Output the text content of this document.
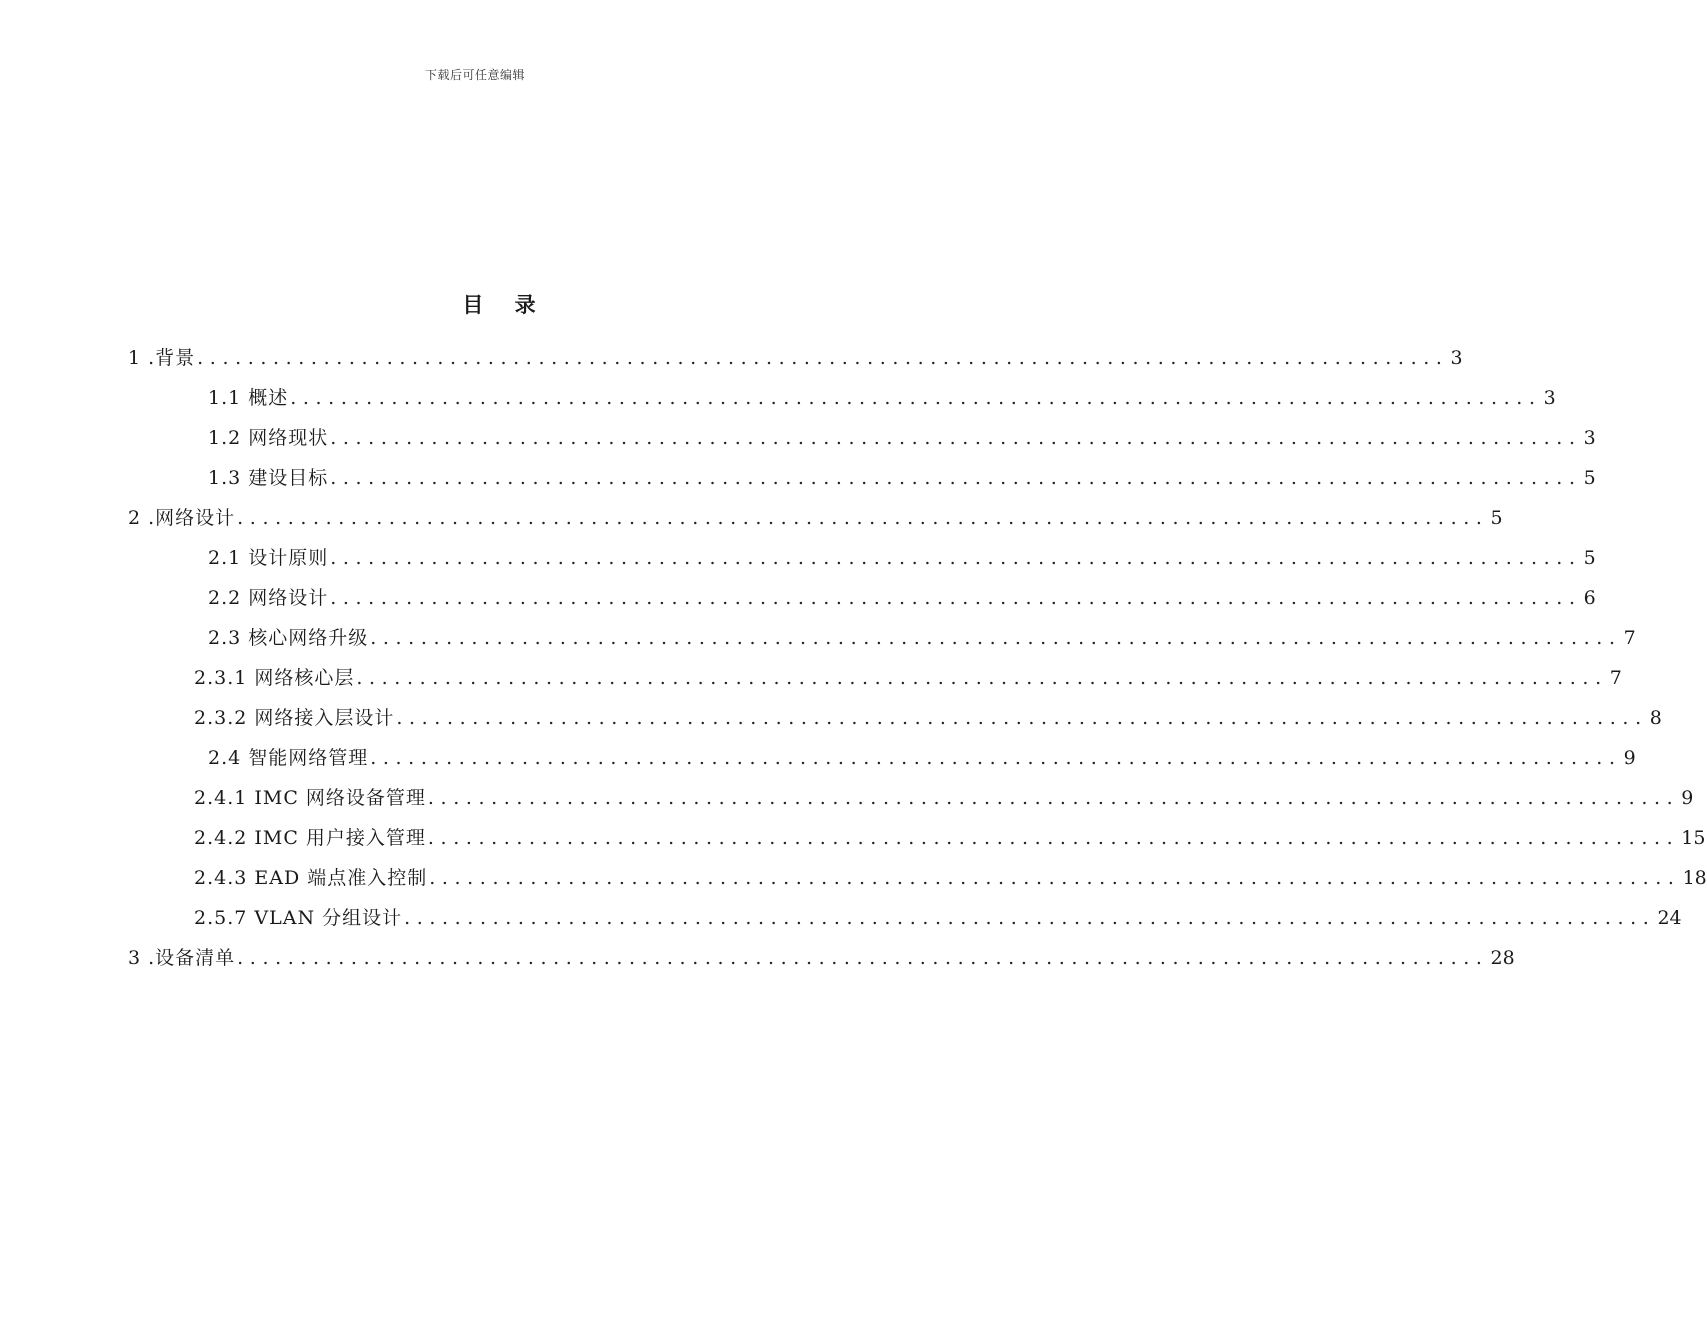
下载后可任意编辑
目 录
1 .背景 ................................................................................................... 3
1.1 概述 ................................................................................................... 3
1.2 网络现状 ................................................................................................... 3
1.3 建设目标 ................................................................................................... 5
2 .网络设计 ................................................................................................... 5
2.1 设计原则 ................................................................................................... 5
2.2 网络设计 ................................................................................................... 6
2.3 核心网络升级 ................................................................................................... 7
2.3.1 网络核心层 ................................................................................................... 7
2.3.2 网络接入层设计 ................................................................................................... 8
2.4 智能网络管理 ................................................................................................... 9
2.4.1 IMC 网络设备管理 ................................................................................................... 9
2.4.2 IMC 用户接入管理 ................................................................................................... 15
2.4.3 EAD 端点准入控制 ................................................................................................... 18
2.5.7 VLAN 分组设计 ................................................................................................... 24
3 .设备清单 ................................................................................................... 28
